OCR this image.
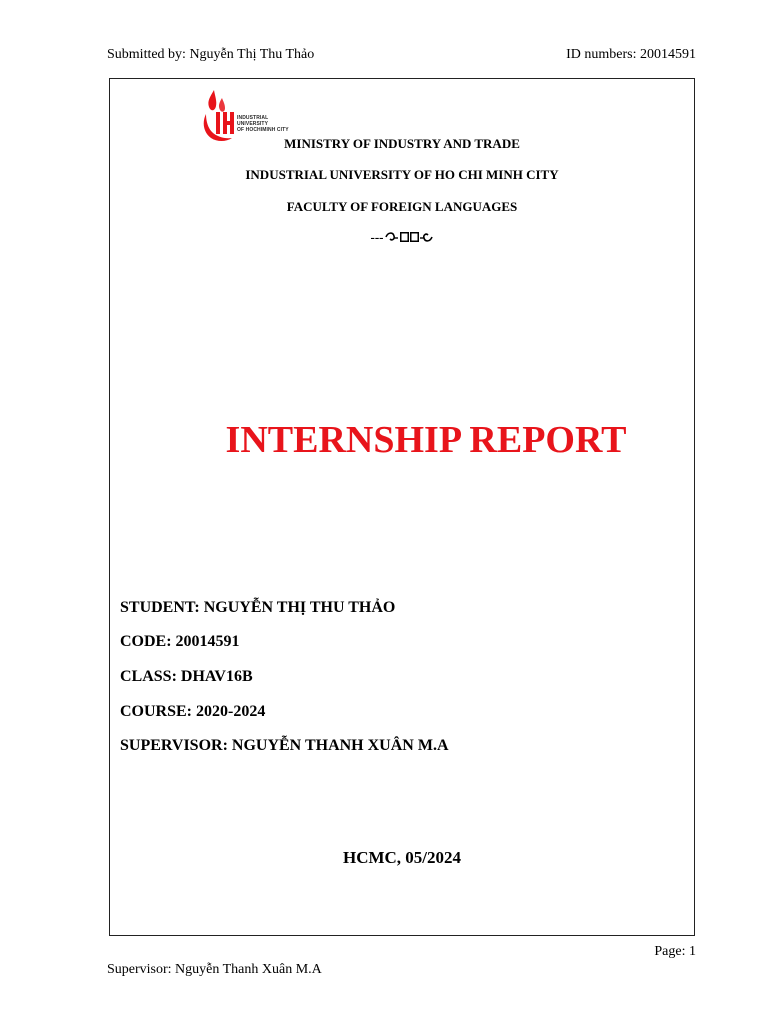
Submitted by: Nguyễn Thị Thu Thảo	ID numbers: 20014591
INDUSTRIAL
UNIVERSITY
OF HOCHIMINH CITY
MINISTRY OF INDUSTRY AND TRADE
INDUSTRIAL UNIVERSITY OF HO CHI MINH CITY
FACULTY OF FOREIGN LANGUAGES
---
INTERNSHIP REPORT
STUDENT: NGUYỄN THỊ THU THẢO
CODE: 20014591
CLASS: DHAV16B
COURSE: 2020-2024
SUPERVISOR: NGUYỄN THANH XUÂN M.A
HCMC, 05/2024
Page: 1
Supervisor: Nguyễn Thanh Xuân M.A
